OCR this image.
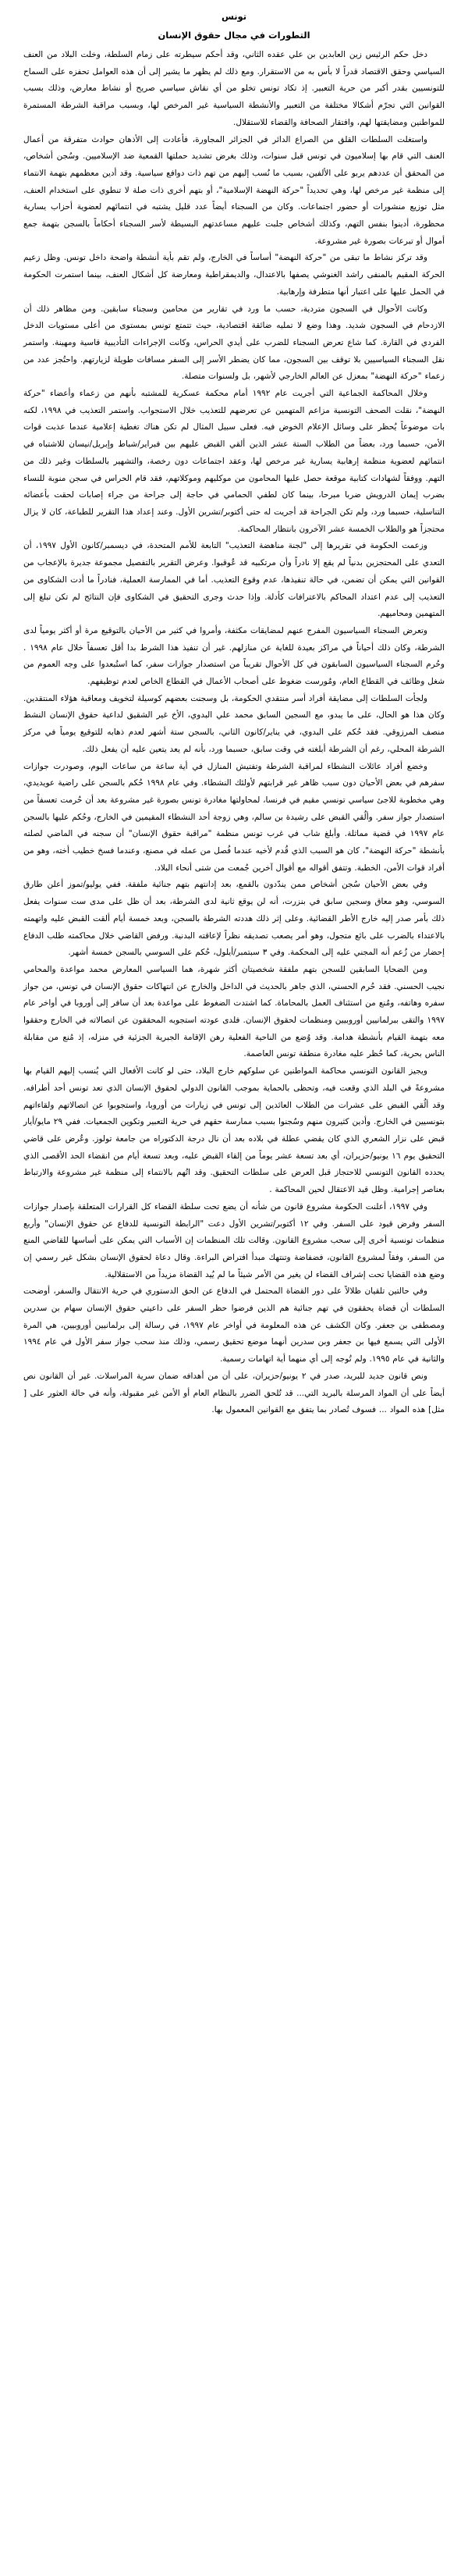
تونس
التطورات في مجال حقوق الإنسان

دخل حكم الرئيس زين العابدين بن علي عقده الثاني، وقد أحكم سيطرته على زمام السلطة، وخلت البلاد من العنف السياسي وحقق الاقتصاد قدراً لا بأس به من الاستقرار. ومع ذلك لم يظهر ما يشير إلى أن هذه العوامل تحفزه على السماح للتونسيين بقدر أكبر من حرية التعبير. إذ تكاد تونس تخلو من أي نقاش سياسي صريح أو نشاط معارض، وذلك بسبب القوانين التي تجرّم أشكالا مختلفة من التعبير والأنشطة السياسية غير المرخص لها، وبسبب مراقبة الشرطة المستمرة للمواطنين ومضايقتها لهم، وافتقار الصحافة والقضاء للاستقلال.

واستغلت السلطات القلق من الصراع الدائر في الجزائر المجاورة، فأعادت إلى الأذهان حوادث متفرقة من أعمال العنف التي قام بها إسلاميون في تونس قبل سنوات، وذلك بغرض تشديد حملتها القمعية ضد الإسلاميين. وسُجن أشخاص، من المحقق أن عددهم يربو على الألفين، بسبب ما نُسب إليهم من تهم ذات دوافع سياسية. وقد أدين معظمهم بتهمة الانتماء إلى منظمة غير مرخص لها، وهي تحديداً "حركة النهضة الإسلامية"، أو بتهم أخرى ذات صلة لا تنطوي على استخدام العنف، مثل توزيع منشورات أو حضور اجتماعات. وكان من السجناء أيضاً عدد قليل يشتبه في انتمائهم لعضوية أحزاب يسارية محظورة، أدينوا بنفس التهم، وكذلك أشخاص جلبت عليهم مساعدتهم البسيطة لأسر السجناء أحكاماً بالسجن بتهمة جمع أموال أو تبرعات بصورة غير مشروعة.

وقد تركز نشاط ما تبقى من "حركة النهضة" أساساً في الخارج، ولم تقم بأية أنشطة واضحة داخل تونس. وظل زعيم الحركة المقيم بالمنفى راشد الغنوشي يصفها بالاعتدال، والديمقراطية ومعارضة كل أشكال العنف، بينما استمرت الحكومة في الحمل عليها على اعتبار أنها متطرفة وإرهابية.

وكانت الأحوال في السجون متردية، حسب ما ورد في تقارير من محامين وسجناء سابقين. ومن مظاهر ذلك أن الازدحام في السجون شديد. وهذا وضع لا تمليه ضائقة اقتصادية، حيث تتمتع تونس بمستوى من أعلى مستويات الدخل الفردي في القارة. كما شاع تعرض السجناء للضرب على أيدي الحراس، وكانت الإجراءات التأديبية قاسية ومهينة. واستمر نقل السجناء السياسيين بلا توقف بين السجون، مما كان يضطر الأسر إلى السفر مسافات طويلة لزيارتهم. واحتُجز عدد من زعماء "حركة النهضة" بمعزل عن العالم الخارجي لأشهر، بل ولسنوات متصلة.

وخلال المحاكمة الجماعية التي أجريت عام ١٩٩٢ أمام محكمة عسكرية للمشتبه بأنهم من زعماء وأعضاء "حركة النهضة"، نقلت الصحف التونسية مزاعم المتهمين عن تعرضهم للتعذيب خلال الاستجواب. واستمر التعذيب في ١٩٩٨، لكنه بات موضوعاً يُحظر على وسائل الإعلام الخوض فيه. فعلى سبيل المثال لم تكن هناك تغطية إعلامية عندما عذبت قوات الأمن، حسبما ورد، بعضاً من الطلاب الستة عشر الذين ألقي القبض عليهم بين فبراير/شباط وإبريل/نيسان للاشتباه في انتمائهم لعضوية منظمة إرهابية يسارية غير مرخص لها، وعقد اجتماعات دون رخصة، والتشهير بالسلطات وغير ذلك من التهم. ووفقاً لشهادات كتابية موقعة حصل عليها المحامون من موكليهم وموكلاتهم، فقد قام الحراس في سجن منوبة للنساء بضرب إيمان الدرويش ضربا مبرحا، بينما كان لطفي الحمامي في حاجة إلى جراحة من جراء إصابات لحقت بأعضائه التناسلية، حسبما ورد، ولم تكن الجراحة قد أجريت له حتى أكتوبر/تشرين الأول. وعند إعداد هذا التقرير للطباعة، كان لا يزال محتجزاً هو والطلاب الخمسة عشر الآخرون بانتظار المحاكمة.

وزعمت الحكومة في تقريرها إلى "لجنة مناهضة التعذيب" التابعة للأمم المتحدة، في ديسمبر/كانون الأول ١٩٩٧، أن التعدي على المحتجزين بدنياً لم يقع إلا نادراً وأن مرتكبيه قد عُوقبوا. وعرض التقرير بالتفصيل مجموعة جديرة بالإعجاب من القوانين التي يمكن أن تضمن، في حالة تنفيذها، عدم وقوع التعذيب. أما في الممارسة العملية، فنادراً ما أدت الشكاوى من التعذيب إلى عدم اعتداد المحاكم بالاعترافات كأدلة. وإذا حدث وجرى التحقيق في الشكاوى فإن النتائج لم تكن تبلغ إلى المتهمين ومحاميهم.

وتعرض السجناء السياسيون المفرج عنهم لمضايقات مكثفة، وأمروا في كثير من الأحيان بالتوقيع مرة أو أكثر يومياً لدى الشرطة، وكان ذلك أحياناً في مراكز بعيدة للغاية عن منازلهم. غير أن تنفيذ هذا الشرط بدا أقل تعسفاً خلال عام ١٩٩٨ . وحُرم السجناء السياسيون السابقون في كل الأحوال تقريباً من استصدار جوازات سفر، كما استُبعدوا على وجه العموم من شغل وظائف في القطاع العام، ومُورست ضغوط على أصحاب الأعمال في القطاع الخاص لعدم توظيفهم.

ولجأت السلطات إلى مضايقة أفراد أسر منتقدي الحكومة، بل وسجنت بعضهم كوسيلة لتخويف ومعاقبة هؤلاء المنتقدين. وكان هذا هو الحال، على ما يبدو، مع السجين السابق محمد علي البدوي، الأخ غير الشقيق لداعية حقوق الإنسان النشط منصف المرزوقي. فقد حُكم على البدوي، في يناير/كانون الثاني، بالسجن ستة أشهر لعدم ذهابه للتوقيع يومياً في مركز الشرطة المحلي، رغم أن الشرطة أبلغته في وقت سابق، حسبما ورد، بأنه لم يعد يتعين عليه أن يفعل ذلك.

وخضع أفراد عائلات النشطاء لمراقبة الشرطة وتفتيش المنازل في أية ساعة من ساعات اليوم، وصودرت جوازات سفرهم في بعض الأحيان دون سبب ظاهر غير قرابتهم لأولئك النشطاء. وفي عام ١٩٩٨ حُكم بالسجن على راضية عويديدي، وهي مخطوبة للاجئ سياسي تونسي مقيم في فرنسا، لمحاولتها مغادرة تونس بصورة غير مشروعة بعد أن حُرمت تعسفاً من استصدار جواز سفر. وألُقي القبض على رشيدة بن سالم، وهي زوجة أحد النشطاء المقيمين في الخارج، وحُكم عليها بالسجن عام ١٩٩٧ في قضية مماثلة. وأبلغ شاب في غرب تونس منظمة "مراقبة حقوق الإنسان" أن سجنه في الماضي لصلته بأنشطة "حركة النهضة"، كان هو السبب الذي قُدم لأخيه عندما فُصل من عمله في مصنع، وعندما فسخ خطيب أخته، وهو من أفراد قوات الأمن، الخطبة. وتتفق أقواله مع أقوال آخرين جُمعت من شتى أنحاء البلاد.

وفي بعض الأحيان سُجن أشخاص ممن يندّدون بالقمع، بعد إدانتهم بتهم جنائية ملفقة. ففي يوليو/تموز أعلن طارق السوسي، وهو معاق وسجين سابق في بنزرت، أنه لن يوقع ثانية لدى الشرطة، بعد أن ظل على مدى ست سنوات يفعل ذلك بأمر صدر إليه خارج الأطر القضائية. وعلى إثر ذلك هددته الشرطة بالسجن، وبعد خمسة أيام ألقت القبض عليه واتهمته بالاعتداء بالضرب على بائع متجول، وهو أمر يصعب تصديقه نظراً لإعاقته البدنية. ورفض القاضي خلال محاكمته طلب الدفاع إحضار من زُعم أنه المجني عليه إلى المحكمة. وفي ٣ سبتمبر/أيلول، حُكم على السوسي بالسجن خمسة أشهر.

ومن الضحايا السابقين للسجن بتهم ملفقة شخصيتان أكثر شهرة، هما السياسي المعارض محمد مواعدة والمحامي نجيب الحسني. فقد حُرم الحسني، الذي جاهر بالحديث في الداخل والخارج عن انتهاكات حقوق الإنسان في تونس، من جواز سفره وهاتفه، ومُنع من استئناف العمل بالمحاماة. كما اشتدت الضغوط على مواعدة بعد أن سافر إلى أوروبا في أواخر عام ١٩٩٧ والتقى ببرلمانيين أوروبيين ومنظمات لحقوق الإنسان. فلدى عودته استجوبه المحققون عن اتصالاته في الخارج وحققوا معه بتهمة القيام بأنشطة هدامة. وقد وُضع من الناحية الفعلية رهن الإقامة الجبرية الجزئية في منزله، إذ مُنع من مقابلة الناس بحرية، كما حُظر عليه مغادرة منطقة تونس العاصمة.

ويجيز القانون التونسي محاكمة المواطنين عن سلوكهم خارج البلاد، حتى لو كانت الأفعال التي يُنسب إليهم القيام بها مشروعةً في البلد الذي وقعت فيه، وتحظى بالحماية بموجب القانون الدولي لحقوق الإنسان الذي تعد تونس أحد أطرافه. وقد ألُقي القبض على عشرات من الطلاب العائدين إلى تونس في زيارات من أوروبا، واستجوبوا عن اتصالاتهم ولقاءاتهم بتونسيين في الخارج. وأدين كثيرون منهم وسُجنوا بسبب ممارسة حقهم في حرية التعبير وتكوين الجمعيات. ففي ٢٩ مايو/أيار قبض على نزار الشعري الذي كان يقضي عطلة في بلاده بعد أن نال درجة الدكتوراه من جامعة تولوز. وعُرض على قاضي التحقيق يوم ١٦ يونيو/حزيران، أي بعد تسعة عشر يوماً من إلقاء القبض عليه، وبعد تسعة أيام من انقضاء الحد الأقصى الذي يحدده القانون التونسي للاحتجاز قبل العرض على سلطات التحقيق. وقد اتُهم بالانتماء إلى منظمة غير مشروعة والارتباط بعناصر إجرامية. وظل قيد الاعتقال لحين المحاكمة .

وفي ١٩٩٧، أعلنت الحكومة مشروع قانون من شأنه أن يضع تحت سلطة القضاء كل القرارات المتعلقة بإصدار جوازات السفر وفرض قيود على السفر. وفي ١٢ أكتوبر/تشرين الأول دعت "الرابطة التونسية للدفاع عن حقوق الإنسان" وأربع منظمات تونسية أخرى إلى سحب مشروع القانون. وقالت تلك المنظمات إن الأسباب التي يمكن على أساسها للقاضي المنع من السفر، وفقاً لمشروع القانون، فضفاضة وتنتهك مبدأ افتراض البراءة. وقال دعاة لحقوق الإنسان بشكل غير رسمي إن وضع هذه القضايا تحت إشراف القضاء لن يغير من الأمر شيئاً ما لم يُيد القضاة مزيداً من الاستقلالية.

وفي حالتين تلقيان ظلالاً على دور القضاة المحتمل في الدفاع عن الحق الدستوري في حرية الانتقال والسفر، أوضحت السلطات أن قضاة يحققون في تهم جنائية هم الذين فرضوا حظر السفر على داعيتي حقوق الإنسان سهام بن سدرين ومصطفى بن جعفر. وكان الكشف عن هذه المعلومة في أواخر عام ١٩٩٧، في رسالة إلى برلمانيين أوروبيين، هي المرة الأولى التي يسمع فيها بن جعفر وبن سدرين أنهما موضع تحقيق رسمي، وذلك منذ سحب جواز سفر الأول في عام ١٩٩٤ والثانية في عام ١٩٩٥. ولم تُوجه إلى أي منهما أية اتهامات رسمية.

ونص قانون جديد للبريد، صدر في ٢ يونيو/حزيران، على أن من أهدافه ضمان سرية المراسلات. غير أن القانون نص أيضاً على أن المواد المرسلة بالبريد التي... قد تُلحق الضرر بالنظام العام أو الأمن غير مقبولة، وأنه في حالة العثور على [ مثل] هذه المواد ... فسوف تُصادر بما يتفق مع القوانين المعمول بها.
